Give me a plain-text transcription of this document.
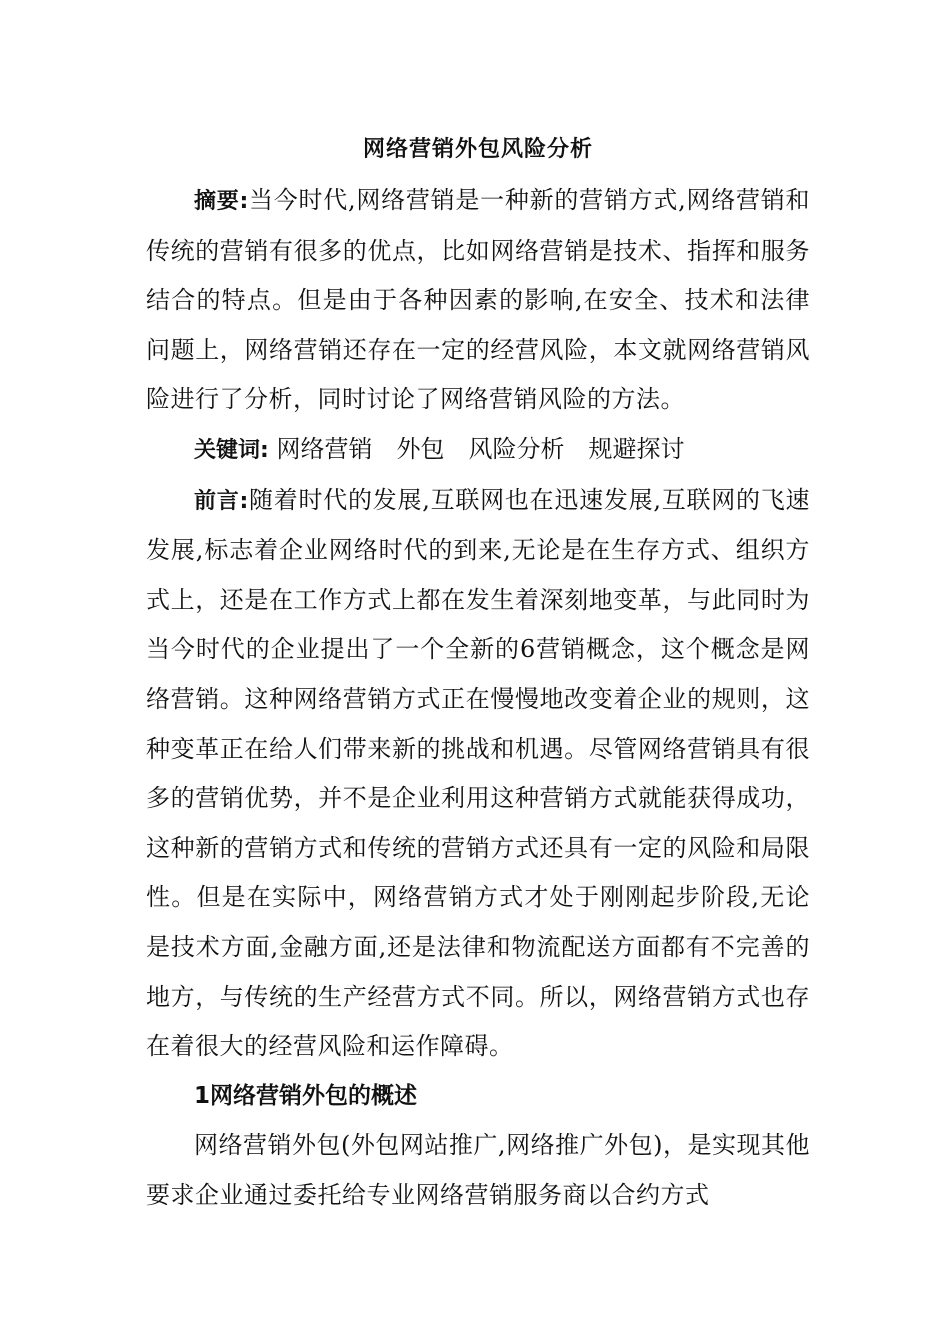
网络营销外包风险分析

摘要:当今时代,网络营销是一种新的营销方式,网络营销和传统的营销有很多的优点，比如网络营销是技术、指挥和服务结合的特点。但是由于各种因素的影响,在安全、技术和法律问题上，网络营销还存在一定的经营风险，本文就网络营销风险进行了分析，同时讨论了网络营销风险的方法。

关键词: 网络营销 外包 风险分析 规避探讨

前言:随着时代的发展,互联网也在迅速发展,互联网的飞速发展,标志着企业网络时代的到来,无论是在生存方式、组织方式上，还是在工作方式上都在发生着深刻地变革，与此同时为当今时代的企业提出了一个全新的6营销概念，这个概念是网络营销。这种网络营销方式正在慢慢地改变着企业的规则，这种变革正在给人们带来新的挑战和机遇。尽管网络营销具有很多的营销优势，并不是企业利用这种营销方式就能获得成功，这种新的营销方式和传统的营销方式还具有一定的风险和局限性。但是在实际中，网络营销方式才处于刚刚起步阶段,无论是技术方面,金融方面,还是法律和物流配送方面都有不完善的地方，与传统的生产经营方式不同。所以，网络营销方式也存在着很大的经营风险和运作障碍。

1网络营销外包的概述

网络营销外包(外包网站推广,网络推广外包)，是实现其他要求企业通过委托给专业网络营销服务商以合约方式
